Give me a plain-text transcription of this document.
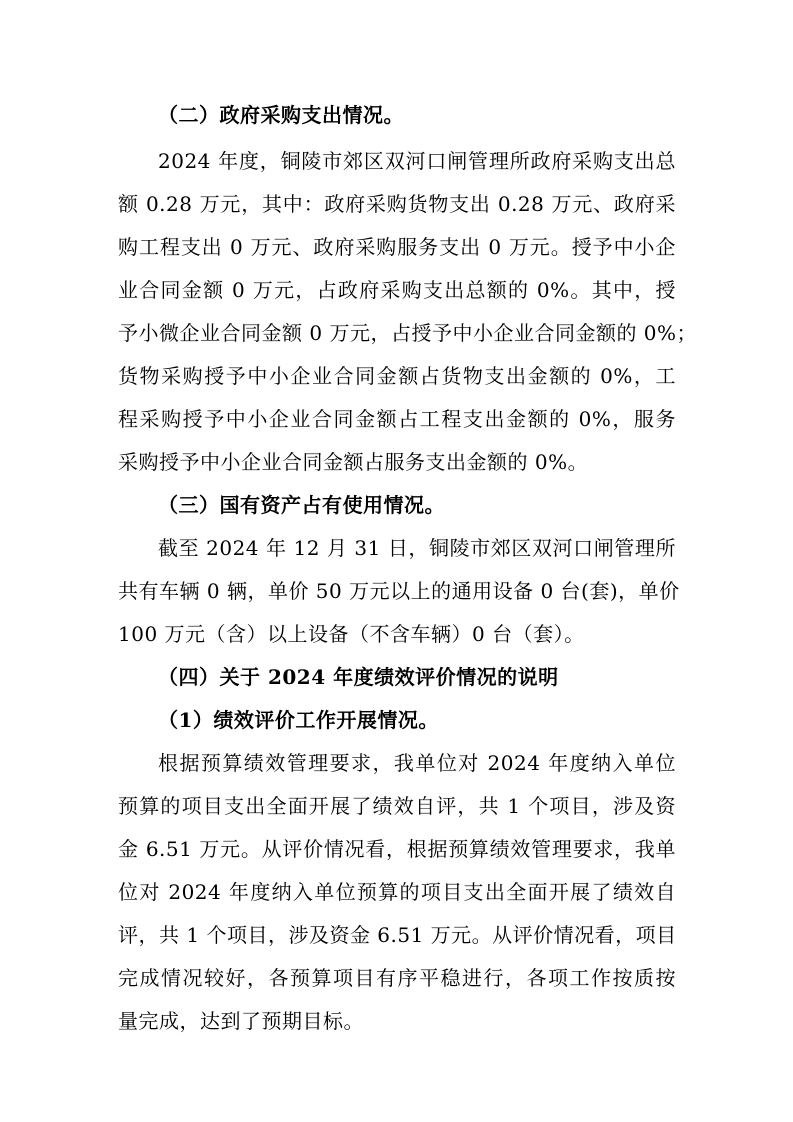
（二）政府采购支出情况。
2024 年度，铜陵市郊区双河口闸管理所政府采购支出总
额 0.28 万元，其中：政府采购货物支出 0.28 万元、政府采
购工程支出 0 万元、政府采购服务支出 0 万元。授予中小企
业合同金额 0 万元，占政府采购支出总额的 0%。其中，授
予小微企业合同金额 0 万元，占授予中小企业合同金额的 0%；
货物采购授予中小企业合同金额占货物支出金额的 0%，工
程采购授予中小企业合同金额占工程支出金额的 0%，服务
采购授予中小企业合同金额占服务支出金额的 0%。
（三）国有资产占有使用情况。
截至 2024 年 12 月 31 日，铜陵市郊区双河口闸管理所
共有车辆 0 辆，单价 50 万元以上的通用设备 0 台(套)，单价
100 万元（含）以上设备（不含车辆）0 台（套）。
（四）关于 2024 年度绩效评价情况的说明
（1）绩效评价工作开展情况。
根据预算绩效管理要求，我单位对 2024 年度纳入单位
预算的项目支出全面开展了绩效自评，共 1 个项目，涉及资
金 6.51 万元。从评价情况看，根据预算绩效管理要求，我单
位对 2024 年度纳入单位预算的项目支出全面开展了绩效自
评，共 1 个项目，涉及资金 6.51 万元。从评价情况看，项目
完成情况较好，各预算项目有序平稳进行，各项工作按质按
量完成，达到了预期目标。
